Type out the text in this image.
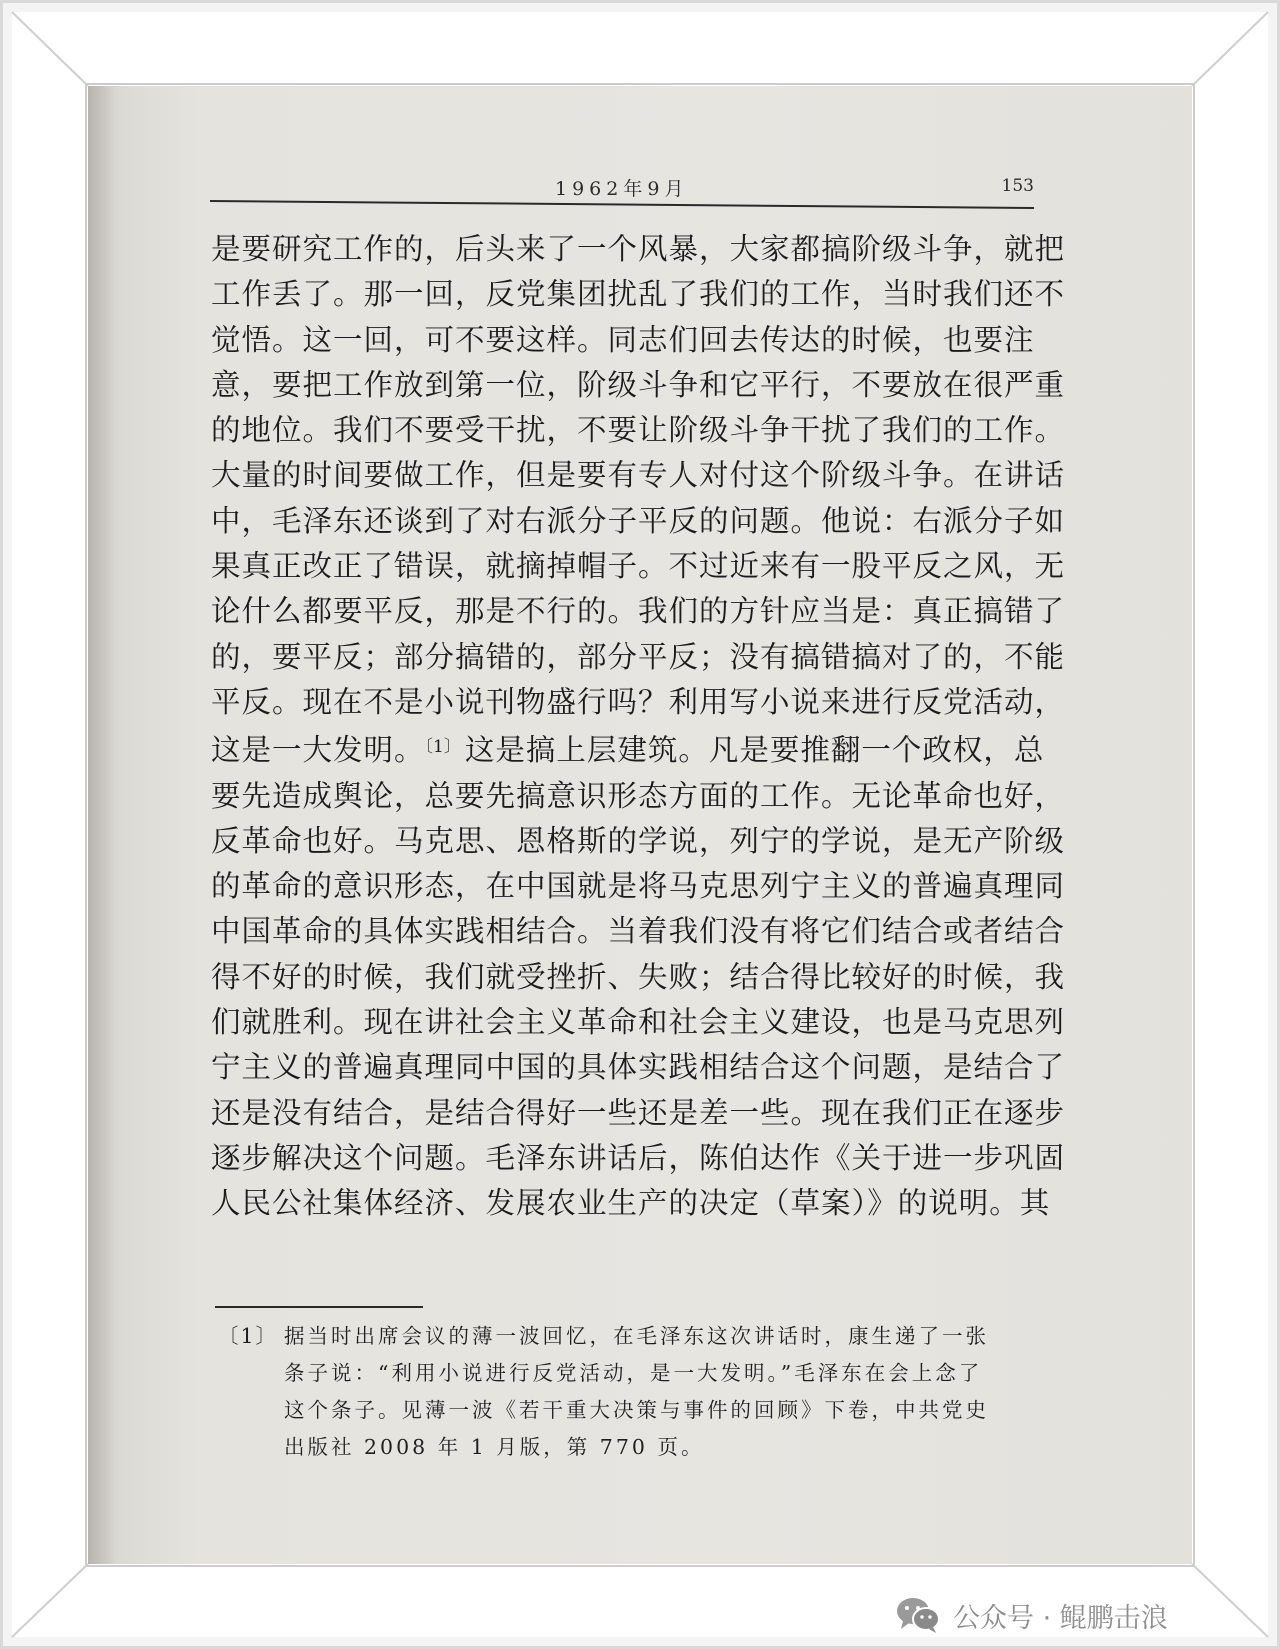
1962年9月	153

是要研究工作的，后头来了一个风暴，大家都搞阶级斗争，就把

工作丢了。那一回，反党集团扰乱了我们的工作，当时我们还不

觉悟。这一回，可不要这样。同志们回去传达的时候，也要注

意，要把工作放到第一位，阶级斗争和它平行，不要放在很严重

的地位。我们不要受干扰，不要让阶级斗争干扰了我们的工作。

大量的时间要做工作，但是要有专人对付这个阶级斗争。在讲话

中，毛泽东还谈到了对右派分子平反的问题。他说：右派分子如

果真正改正了错误，就摘掉帽子。不过近来有一股平反之风，无

论什么都要平反，那是不行的。我们的方针应当是：真正搞错了

的，要平反；部分搞错的，部分平反；没有搞错搞对了的，不能

平反。现在不是小说刊物盛行吗？利用写小说来进行反党活动，

这是一大发明。$^{〔1〕}$ 这是搞上层建筑。凡是要推翻一个政权，总

要先造成舆论，总要先搞意识形态方面的工作。无论革命也好，

反革命也好。马克思、恩格斯的学说，列宁的学说，是无产阶级

的革命的意识形态，在中国就是将马克思列宁主义的普遍真理同

中国革命的具体实践相结合。当着我们没有将它们结合或者结合

得不好的时候，我们就受挫折、失败；结合得比较好的时候，我

们就胜利。现在讲社会主义革命和社会主义建设，也是马克思列

宁主义的普遍真理同中国的具体实践相结合这个问题，是结合了

还是没有结合，是结合得好一些还是差一些。现在我们正在逐步

逐步解决这个问题。毛泽东讲话后，陈伯达作《关于进一步巩固

人民公社集体经济、发展农业生产的决定（草案）》的说明。其

〔1〕 据当时出席会议的薄一波回忆，在毛泽东这次讲话时，康生递了一张

条子说：“利用小说进行反党活动，是一大发明。”毛泽东在会上念了

这个条子。见薄一波《若干重大决策与事件的回顾》下卷，中共党史

出版社 2008 年 1 月版，第 770 页。

公众号 · 鲲鹏击浪
